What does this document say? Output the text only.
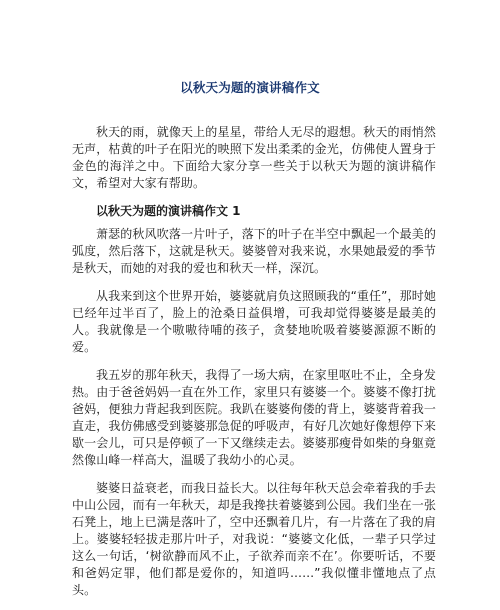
以秋天为题的演讲稿作文

秋天的雨，就像天上的星星，带给人无尽的遐想。秋天的雨悄然无声，枯黄的叶子在阳光的映照下发出柔柔的金光，仿佛使人置身于金色的海洋之中。下面给大家分享一些关于以秋天为题的演讲稿作文，希望对大家有帮助。

以秋天为题的演讲稿作文 1

萧瑟的秋风吹落一片叶子，落下的叶子在半空中飘起一个最美的弧度，然后落下，这就是秋天。婆婆曾对我来说，水果她最爱的季节是秋天，而她的对我的爱也和秋天一样，深沉。

从我来到这个世界开始，婆婆就肩负这照顾我的“重任”，那时她已经年过半百了，脸上的沧桑日益俱增，可我却觉得婆婆是最美的人。我就像是一个嗷嗷待哺的孩子，贪婪地吮吸着婆婆源源不断的爱。

我五岁的那年秋天，我得了一场大病，在家里呕吐不止，全身发热。由于爸爸妈妈一直在外工作，家里只有婆婆一个。婆婆不像打扰爸妈，便独力背起我到医院。我趴在婆婆佝偻的背上，婆婆背着我一直走，我仿佛感受到婆婆那急促的呼吸声，有好几次她好像想停下来歇一会儿，可只是停顿了一下又继续走去。婆婆那瘦骨如柴的身躯竟然像山峰一样高大，温暖了我幼小的心灵。

婆婆日益衰老，而我日益长大。以往每年秋天总会牵着我的手去中山公园，而有一年秋天，却是我搀扶着婆婆到公园。我们坐在一张石凳上，地上已满是落叶了，空中还飘着几片，有一片落在了我的肩上。婆婆轻轻拔走那片叶子，对我说：“婆婆文化低，一辈子只学过这么一句话，‘树欲静而风不止，子欲养而亲不在’。你要听话，不要和爸妈定罪，他们都是爱你的，知道吗……”我似懂非懂地点了点头。
